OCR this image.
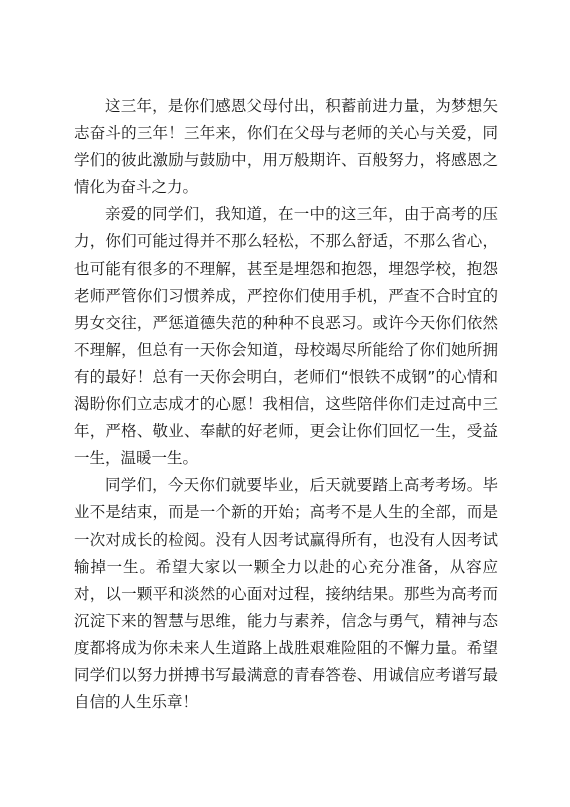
这三年，是你们感恩父母付出，积蓄前进力量，为梦想矢志奋斗的三年！三年来，你们在父母与老师的关心与关爱，同学们的彼此激励与鼓励中，用万般期许、百般努力，将感恩之情化为奋斗之力。

亲爱的同学们，我知道，在一中的这三年，由于高考的压力，你们可能过得并不那么轻松，不那么舒适，不那么省心，也可能有很多的不理解，甚至是埋怨和抱怨，埋怨学校，抱怨老师严管你们习惯养成，严控你们使用手机，严查不合时宜的男女交往，严惩道德失范的种种不良恶习。或许今天你们依然不理解，但总有一天你会知道，母校竭尽所能给了你们她所拥有的最好！总有一天你会明白，老师们“恨铁不成钢”的心情和渴盼你们立志成才的心愿！我相信，这些陪伴你们走过高中三年，严格、敬业、奉献的好老师，更会让你们回忆一生，受益一生，温暖一生。

同学们，今天你们就要毕业，后天就要踏上高考考场。毕业不是结束，而是一个新的开始；高考不是人生的全部，而是一次对成长的检阅。没有人因考试赢得所有，也没有人因考试输掉一生。希望大家以一颗全力以赴的心充分准备，从容应对，以一颗平和淡然的心面对过程，接纳结果。那些为高考而沉淀下来的智慧与思维，能力与素养，信念与勇气，精神与态度都将成为你未来人生道路上战胜艰难险阻的不懈力量。希望同学们以努力拼搏书写最满意的青春答卷、用诚信应考谱写最自信的人生乐章！
